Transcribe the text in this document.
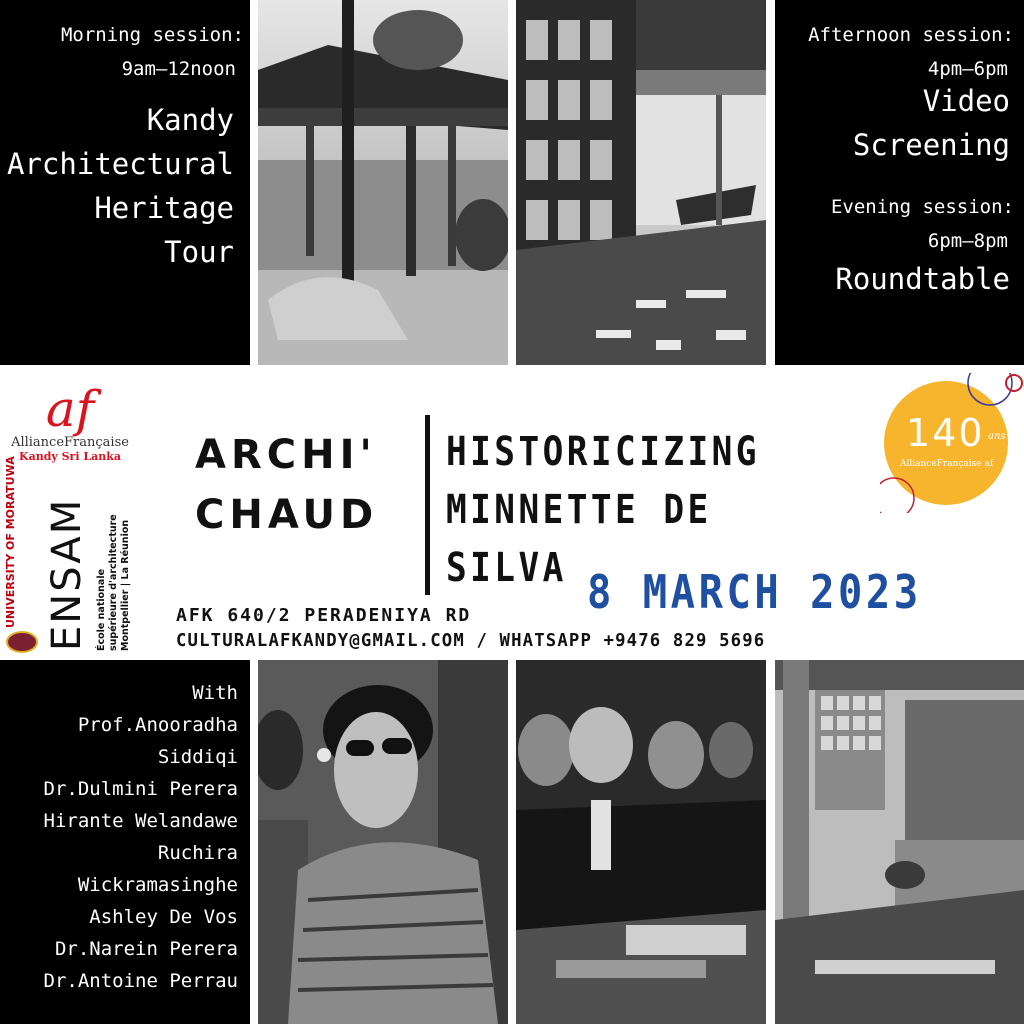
Morning session:
9am–12noon
Kandy
Architectural
Heritage
Tour
Afternoon session:
4pm–6pm
Video
Screening
Evening session:
6pm–8pm
Roundtable
af
AllianceFrançaise
Kandy Sri Lanka
UNIVERSITY OF MORATUWA ENSAM École nationale supérieure d'architecture Montpellier | La Réunion
ARCHI'
CHAUD
HISTORICIZING
MINNETTE DE SILVA
140 ans
AllianceFrançaise af
8 MARCH 2023
AFK 640/2 PERADENIYA RD
CULTURALAFKANDY@GMAIL.COM / WHATSAPP +9476 829 5696
With
Prof.Anooradha
Siddiqi
Dr.Dulmini Perera
Hirante Welandawe
Ruchira
Wickramasinghe
Ashley De Vos
Dr.Narein Perera
Dr.Antoine Perrau
